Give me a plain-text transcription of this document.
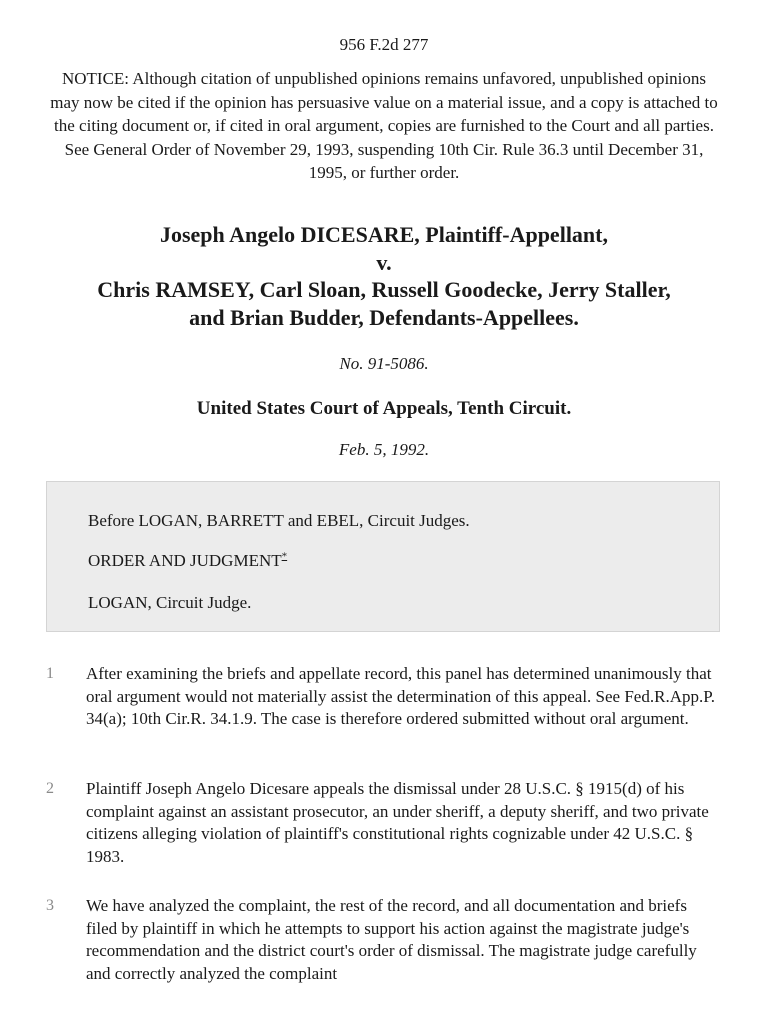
956 F.2d 277
NOTICE: Although citation of unpublished opinions remains unfavored, unpublished opinions may now be cited if the opinion has persuasive value on a material issue, and a copy is attached to the citing document or, if cited in oral argument, copies are furnished to the Court and all parties. See General Order of November 29, 1993, suspending 10th Cir. Rule 36.3 until December 31, 1995, or further order.
Joseph Angelo DICESARE, Plaintiff-Appellant,
v.
Chris RAMSEY, Carl Sloan, Russell Goodecke, Jerry Staller,
and Brian Budder, Defendants-Appellees.
No. 91-5086.
United States Court of Appeals, Tenth Circuit.
Feb. 5, 1992.
Before LOGAN, BARRETT and EBEL, Circuit Judges.
ORDER AND JUDGMENT*
LOGAN, Circuit Judge.
1 After examining the briefs and appellate record, this panel has determined unanimously that oral argument would not materially assist the determination of this appeal. See Fed.R.App.P. 34(a); 10th Cir.R. 34.1.9. The case is therefore ordered submitted without oral argument.
2 Plaintiff Joseph Angelo Dicesare appeals the dismissal under 28 U.S.C. § 1915(d) of his complaint against an assistant prosecutor, an under sheriff, a deputy sheriff, and two private citizens alleging violation of plaintiff's constitutional rights cognizable under 42 U.S.C. § 1983.
3 We have analyzed the complaint, the rest of the record, and all documentation and briefs filed by plaintiff in which he attempts to support his action against the magistrate judge's recommendation and the district court's order of dismissal. The magistrate judge carefully and correctly analyzed the complaint
